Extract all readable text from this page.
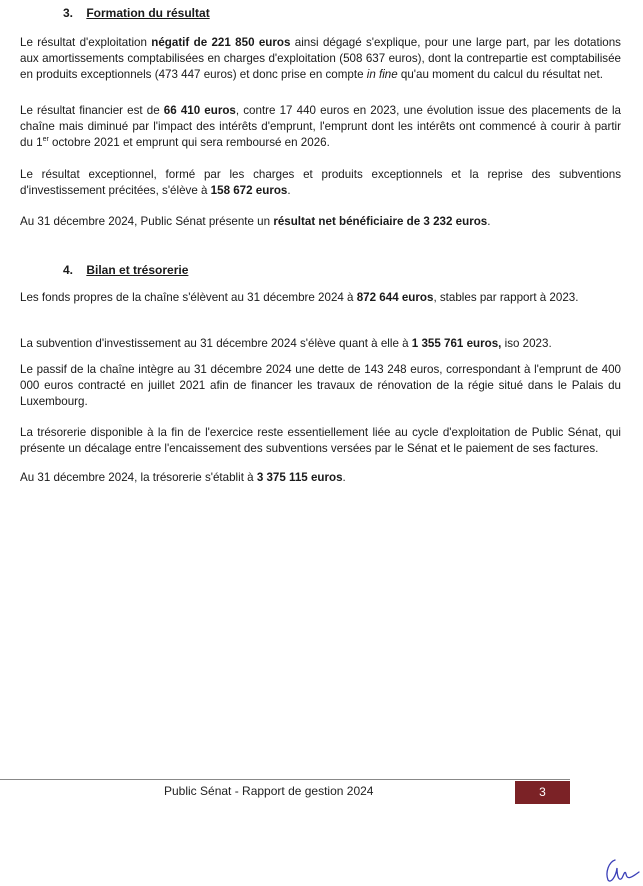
3. Formation du résultat
Le résultat d'exploitation négatif de 221 850 euros ainsi dégagé s'explique, pour une large part, par les dotations aux amortissements comptabilisées en charges d'exploitation (508 637 euros), dont la contrepartie est comptabilisée en produits exceptionnels (473 447 euros) et donc prise en compte in fine qu'au moment du calcul du résultat net.
Le résultat financier est de 66 410 euros, contre 17 440 euros en 2023, une évolution issue des placements de la chaîne mais diminué par l'impact des intérêts d'emprunt, l'emprunt dont les intérêts ont commencé à courir à partir du 1er octobre 2021 et emprunt qui sera remboursé en 2026.
Le résultat exceptionnel, formé par les charges et produits exceptionnels et la reprise des subventions d'investissement précitées, s'élève à 158 672 euros.
Au 31 décembre 2024, Public Sénat présente un résultat net bénéficiaire de 3 232 euros.
4. Bilan et trésorerie
Les fonds propres de la chaîne s'élèvent au 31 décembre 2024 à 872 644 euros, stables par rapport à 2023.
La subvention d'investissement au 31 décembre 2024 s'élève quant à elle à 1 355 761 euros, iso 2023.
Le passif de la chaîne intègre au 31 décembre 2024 une dette de 143 248 euros, correspondant à l'emprunt de 400 000 euros contracté en juillet 2021 afin de financer les travaux de rénovation de la régie situé dans le Palais du Luxembourg.
La trésorerie disponible à la fin de l'exercice reste essentiellement liée au cycle d'exploitation de Public Sénat, qui présente un décalage entre l'encaissement des subventions versées par le Sénat et le paiement de ses factures.
Au 31 décembre 2024, la trésorerie s'établit à 3 375 115 euros.
Public Sénat - Rapport de gestion 2024	3
